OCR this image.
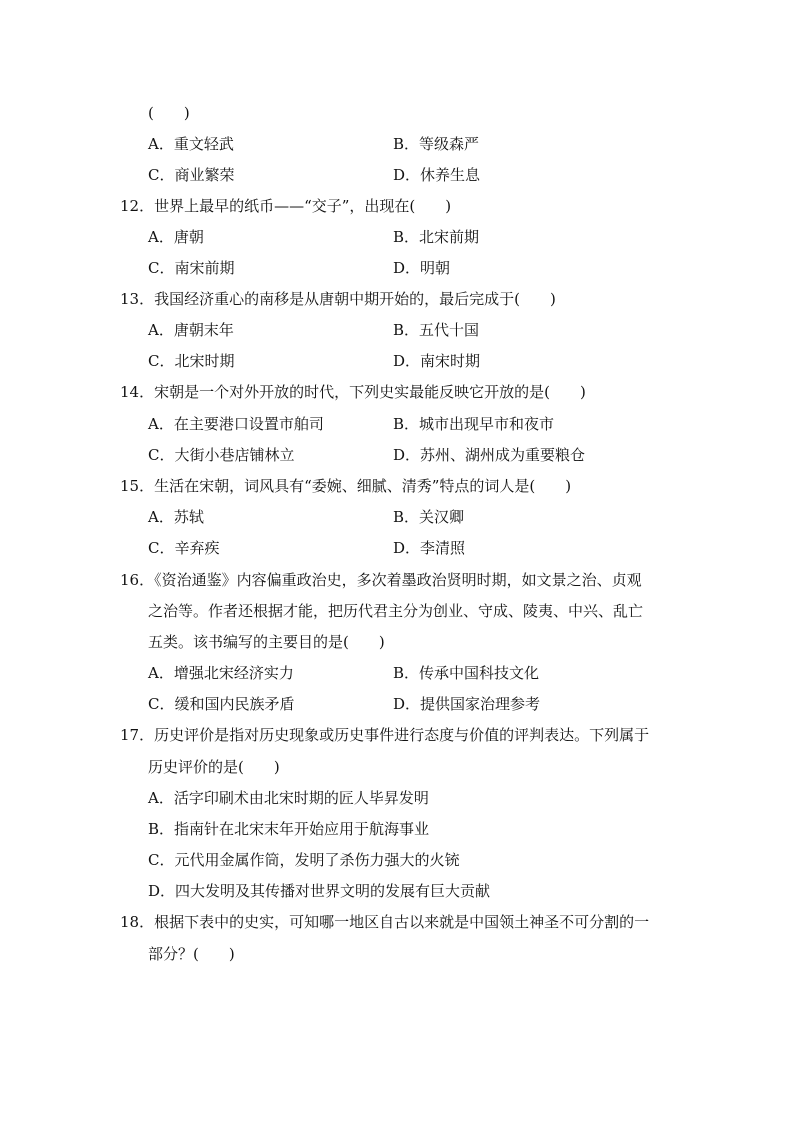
(　　)
A．重文轻武	B．等级森严
C．商业繁荣	D．休养生息
12．世界上最早的纸币——“交子”，出现在(　　)
A．唐朝	B．北宋前期
C．南宋前期	D．明朝
13．我国经济重心的南移是从唐朝中期开始的，最后完成于(　　)
A．唐朝末年	B．五代十国
C．北宋时期	D．南宋时期
14．宋朝是一个对外开放的时代，下列史实最能反映它开放的是(　　)
A．在主要港口设置市舶司	B．城市出现早市和夜市
C．大街小巷店铺林立	D．苏州、湖州成为重要粮仓
15．生活在宋朝，词风具有“委婉、细腻、清秀”特点的词人是(　　)
A．苏轼	B．关汉卿
C．辛弃疾	D．李清照
16．《资治通鉴》内容偏重政治史，多次着墨政治贤明时期，如文景之治、贞观
之治等。作者还根据才能，把历代君主分为创业、守成、陵夷、中兴、乱亡
五类。该书编写的主要目的是(　　)
A．增强北宋经济实力	B．传承中国科技文化
C．缓和国内民族矛盾	D．提供国家治理参考
17．历史评价是指对历史现象或历史事件进行态度与价值的评判表达。下列属于
历史评价的是(　　)
A．活字印刷术由北宋时期的匠人毕昇发明
B．指南针在北宋末年开始应用于航海事业
C．元代用金属作筒，发明了杀伤力强大的火铳
D．四大发明及其传播对世界文明的发展有巨大贡献
18．根据下表中的史实，可知哪一地区自古以来就是中国领土神圣不可分割的一
部分？(　　)
